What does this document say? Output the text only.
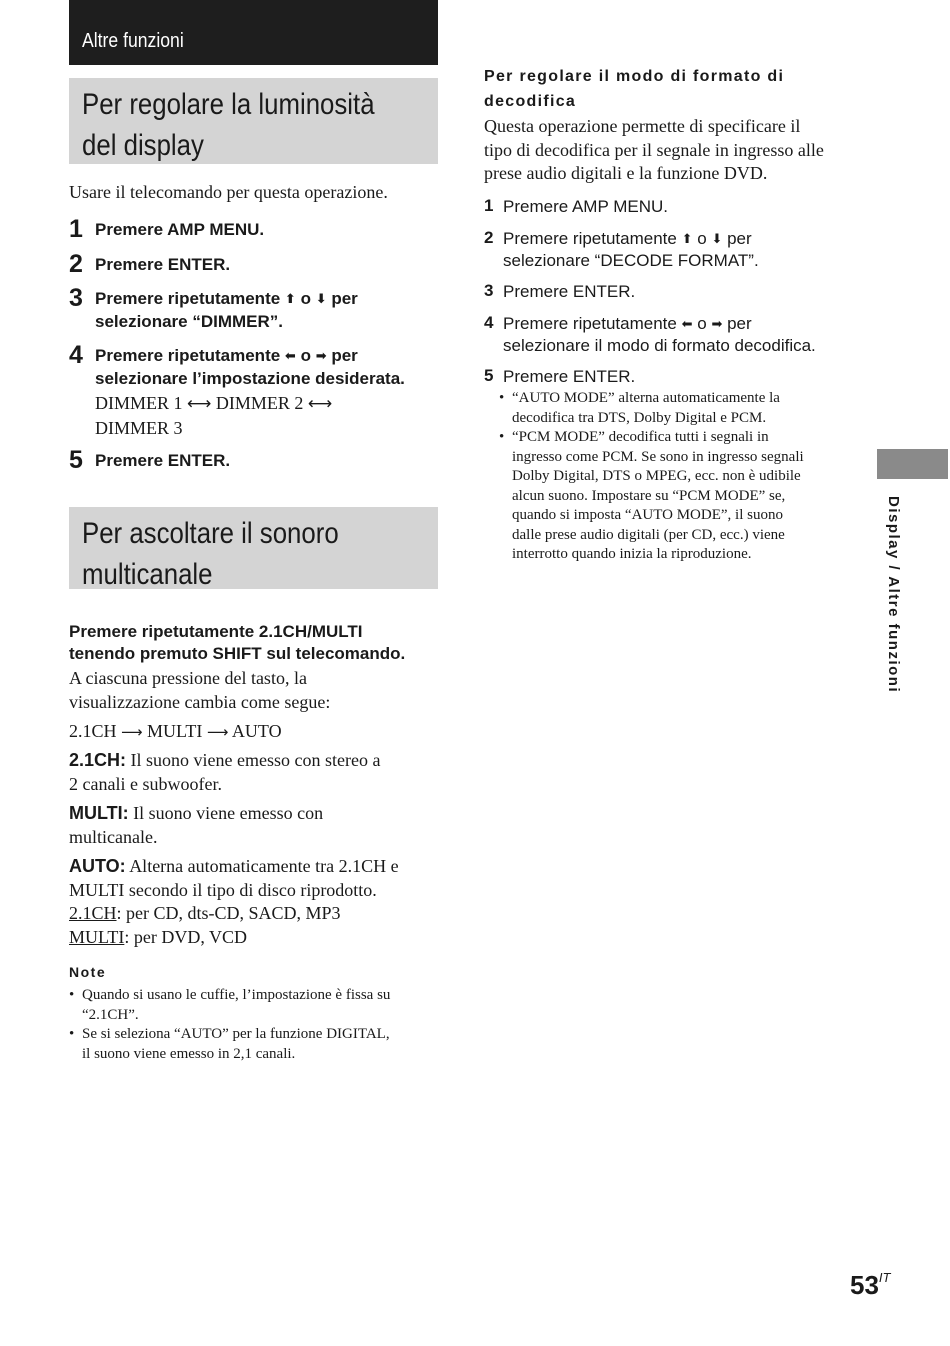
Altre funzioni
Per regolare la luminosità
del display
Usare il telecomando per questa operazione.
1 Premere AMP MENU.
2 Premere ENTER.
3 Premere ripetutamente ⬆ o ⬇ per
selezionare “DIMMER”.
4 Premere ripetutamente ⬅ o ➡ per
selezionare l’impostazione desiderata.
DIMMER 1 ⟷ DIMMER 2 ⟷
DIMMER 3
5 Premere ENTER.
Per ascoltare il sonoro
multicanale
Premere ripetutamente 2.1CH/MULTI
tenendo premuto SHIFT sul telecomando.
A ciascuna pressione del tasto, la
visualizzazione cambia come segue:
2.1CH ⟶ MULTI ⟶ AUTO
2.1CH: Il suono viene emesso con stereo a
2 canali e subwoofer.
MULTI: Il suono viene emesso con
multicanale.
AUTO: Alterna automaticamente tra 2.1CH e
MULTI secondo il tipo di disco riprodotto.
2.1CH: per CD, dts-CD, SACD, MP3
MULTI: per DVD, VCD
Note
• Quando si usano le cuffie, l’impostazione è fissa su
“2.1CH”.
• Se si seleziona “AUTO” per la funzione DIGITAL,
il suono viene emesso in 2,1 canali.
Per regolare il modo di formato di
decodifica
Questa operazione permette di specificare il
tipo di decodifica per il segnale in ingresso alle
prese audio digitali e la funzione DVD.
1 Premere AMP MENU.
2 Premere ripetutamente ⬆ o ⬇ per
selezionare “DECODE FORMAT”.
3 Premere ENTER.
4 Premere ripetutamente ⬅ o ➡ per
selezionare il modo di formato decodifica.
5 Premere ENTER.
• “AUTO MODE” alterna automaticamente la
decodifica tra DTS, Dolby Digital e PCM.
• “PCM MODE” decodifica tutti i segnali in
ingresso come PCM. Se sono in ingresso segnali
Dolby Digital, DTS o MPEG, ecc. non è udibile
alcun suono. Impostare su “PCM MODE” se,
quando si imposta “AUTO MODE”, il suono
dalle prese audio digitali (per CD, ecc.) viene
interrotto quando inizia la riproduzione.	Display / Altre funzioni
$53^{IT}$
